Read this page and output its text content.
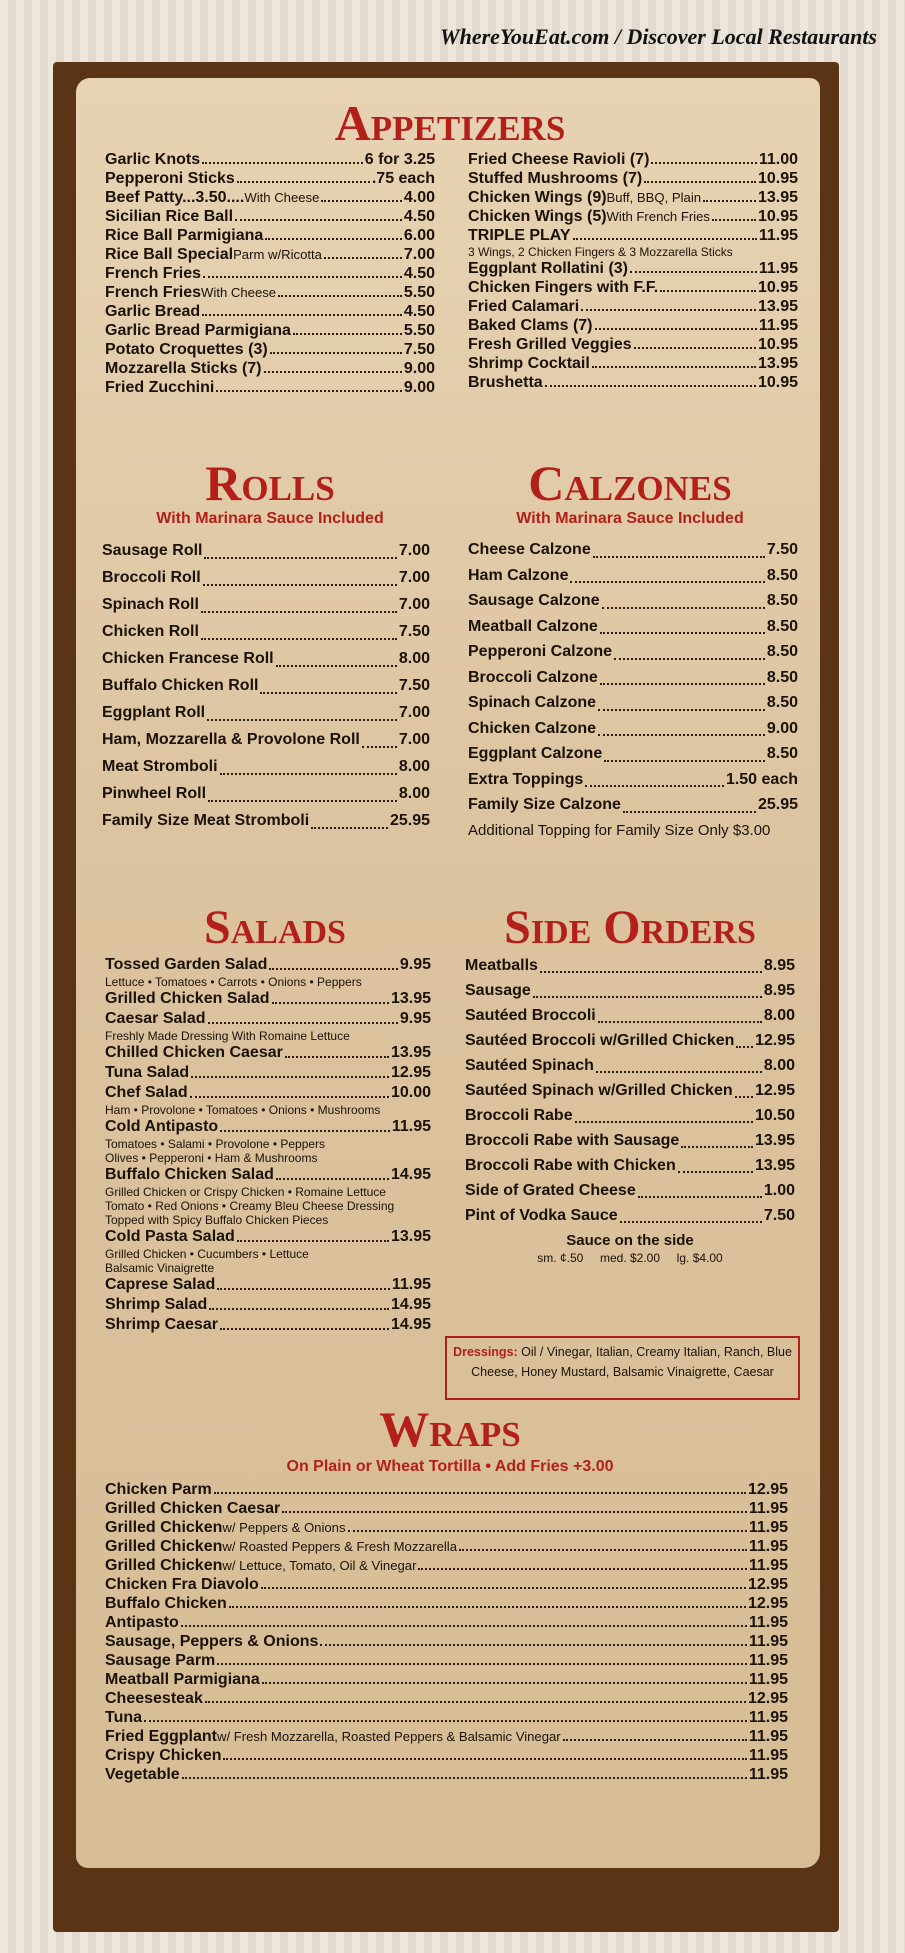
WhereYouEat.com / Discover Local Restaurants
Appetizers
Rolls
With Marinara Sauce Included
Calzones
With Marinara Sauce Included
Salads	Side Orders
Wraps
On Plain or Wheat Tortilla • Add Fries +3.00
Garlic Knots	6 for 3.25
Pepperoni Sticks	.75 each
Beef Patty...3.50.... With Cheese	4.00
Sicilian Rice Ball	4.50
Rice Ball Parmigiana	6.00
Rice Ball Special Parm w/Ricotta	7.00
French Fries	4.50
French Fries With Cheese	5.50
Garlic Bread	4.50
Garlic Bread Parmigiana	5.50
Potato Croquettes (3)	7.50
Mozzarella Sticks (7)	9.00
Fried Zucchini	9.00
Fried Cheese Ravioli (7)	11.00
Stuffed Mushrooms (7)	10.95
Chicken Wings (9) Buff, BBQ, Plain	13.95
Chicken Wings (5) With French Fries	10.95
TRIPLE PLAY	11.95
3 Wings, 2 Chicken Fingers & 3 Mozzarella Sticks
Eggplant Rollatini (3)	11.95
Chicken Fingers with F.F.	10.95
Fried Calamari	13.95
Baked Clams (7)	11.95
Fresh Grilled Veggies	10.95
Shrimp Cocktail	13.95
Brushetta	10.95
Sausage Roll	7.00
Broccoli Roll	7.00
Spinach Roll	7.00
Chicken Roll	7.50
Chicken Francese Roll	8.00
Buffalo Chicken Roll	7.50
Eggplant Roll	7.00
Ham, Mozzarella & Provolone Roll 7.00
Meat Stromboli	8.00
Pinwheel Roll	8.00
Family Size Meat Stromboli	25.95
Cheese Calzone	7.50
Ham Calzone	8.50
Sausage Calzone	8.50
Meatball Calzone	8.50
Pepperoni Calzone	8.50
Broccoli Calzone	8.50
Spinach Calzone	8.50
Chicken Calzone	9.00
Eggplant Calzone	8.50
Extra Toppings	1.50 each
Family Size Calzone	25.95
Additional Topping for Family Size Only $3.00
Tossed Garden Salad	9.95
Lettuce • Tomatoes • Carrots • Onions • Peppers
Grilled Chicken Salad	13.95
Caesar Salad	9.95
Freshly Made Dressing With Romaine Lettuce
Chilled Chicken Caesar	13.95
Tuna Salad	12.95
Chef Salad	10.00
Ham • Provolone • Tomatoes • Onions • Mushrooms
Cold Antipasto	11.95
Tomatoes • Salami • Provolone • Peppers
Olives • Pepperoni • Ham & Mushrooms
Buffalo Chicken Salad	14.95
Grilled Chicken or Crispy Chicken • Romaine Lettuce
Tomato • Red Onions • Creamy Bleu Cheese Dressing
Topped with Spicy Buffalo Chicken Pieces
Cold Pasta Salad	13.95
Grilled Chicken • Cucumbers • Lettuce
Balsamic Vinaigrette
Caprese Salad	11.95
Shrimp Salad	14.95
Shrimp Caesar	14.95
Meatballs	8.95
Sausage	8.95
Sautéed Broccoli	8.00
Sautéed Broccoli w/Grilled Chicken 12.95
Sautéed Spinach	8.00
Sautéed Spinach w/Grilled Chicken 12.95
Broccoli Rabe	10.50
Broccoli Rabe with Sausage	13.95
Broccoli Rabe with Chicken	13.95
Side of Grated Cheese	1.00
Pint of Vodka Sauce	7.50
Sauce on the side
sm. ¢.50     med. $2.00     lg. $4.00
Chicken Parm	12.95
Grilled Chicken Caesar	11.95
Grilled Chicken w/ Peppers & Onions	11.95
Grilled Chicken w/ Roasted Peppers & Fresh Mozzarella	11.95
Grilled Chicken w/ Lettuce, Tomato, Oil & Vinegar	11.95
Chicken Fra Diavolo	12.95
Buffalo Chicken	12.95
Antipasto	11.95
Sausage, Peppers & Onions	11.95
Sausage Parm	11.95
Meatball Parmigiana	11.95
Cheesesteak	12.95
Tuna	11.95
Fried Eggplant w/ Fresh Mozzarella, Roasted Peppers & Balsamic Vinegar	11.95
Crispy Chicken	11.95
Vegetable	11.95
Dressings: Oil / Vinegar, Italian, Creamy Italian, Ranch, Blue Cheese, Honey Mustard, Balsamic Vinaigrette, Caesar
